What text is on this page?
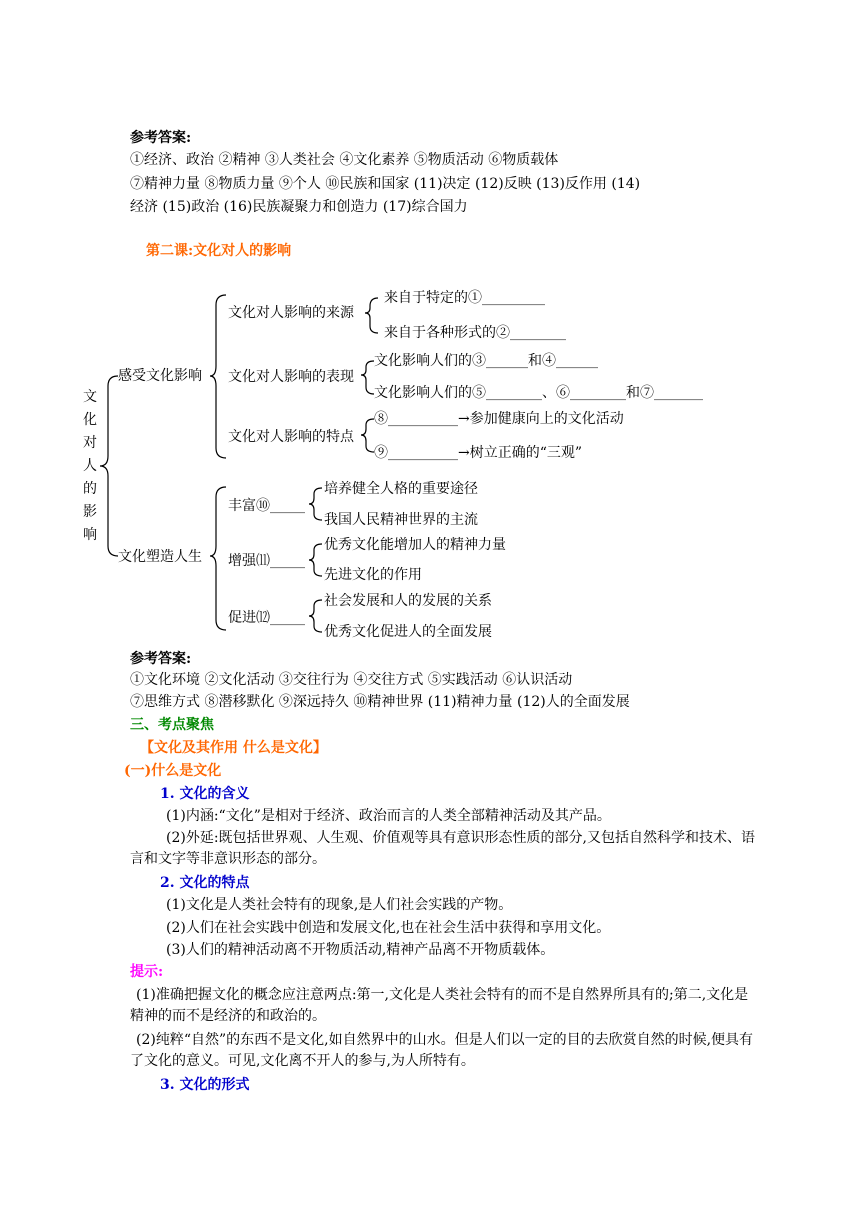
参考答案:
①经济、政治 ②精神 ③人类社会 ④文化素养 ⑤物质活动 ⑥物质载体
⑦精神力量 ⑧物质力量 ⑨个人 ⑩民族和国家 (11)决定 (12)反映 (13)反作用 (14)
经济 (15)政治 (16)民族凝聚力和创造力 (17)综合国力
第二课:文化对人的影响
文
化
对
人
的
影
响
感受文化影响
文化塑造人生
文化对人影响的来源
来自于特定的①_________
来自于各种形式的②________
文化对人影响的表现
文化影响人们的③______和④______
文化影响人们的⑤________、⑥________和⑦_______
文化对人影响的特点
⑧__________→参加健康向上的文化活动
⑨__________→树立正确的“三观”
丰富⑩_____
培养健全人格的重要途径
我国人民精神世界的主流
增强⑾_____
优秀文化能增加人的精神力量
先进文化的作用
促进⑿_____
社会发展和人的发展的关系
优秀文化促进人的全面发展
参考答案:
①文化环境 ②文化活动 ③交往行为 ④交往方式 ⑤实践活动 ⑥认识活动
⑦思维方式 ⑧潜移默化 ⑨深远持久 ⑩精神世界 (11)精神力量 (12)人的全面发展
三、考点聚焦
【文化及其作用 什么是文化】
(一)什么是文化
1. 文化的含义
(1)内涵:“文化”是相对于经济、政治而言的人类全部精神活动及其产品。
(2)外延:既包括世界观、人生观、价值观等具有意识形态性质的部分,又包括自然科学和技术、语言和文字等非意识形态的部分。
2. 文化的特点
(1)文化是人类社会特有的现象,是人们社会实践的产物。
(2)人们在社会实践中创造和发展文化,也在社会生活中获得和享用文化。
(3)人们的精神活动离不开物质活动,精神产品离不开物质载体。
提示:
(1)准确把握文化的概念应注意两点:第一,文化是人类社会特有的而不是自然界所具有的;第二,文化是精神的而不是经济的和政治的。
(2)纯粹“自然”的东西不是文化,如自然界中的山水。但是人们以一定的目的去欣赏自然的时候,便具有了文化的意义。可见,文化离不开人的参与,为人所特有。
3. 文化的形式
